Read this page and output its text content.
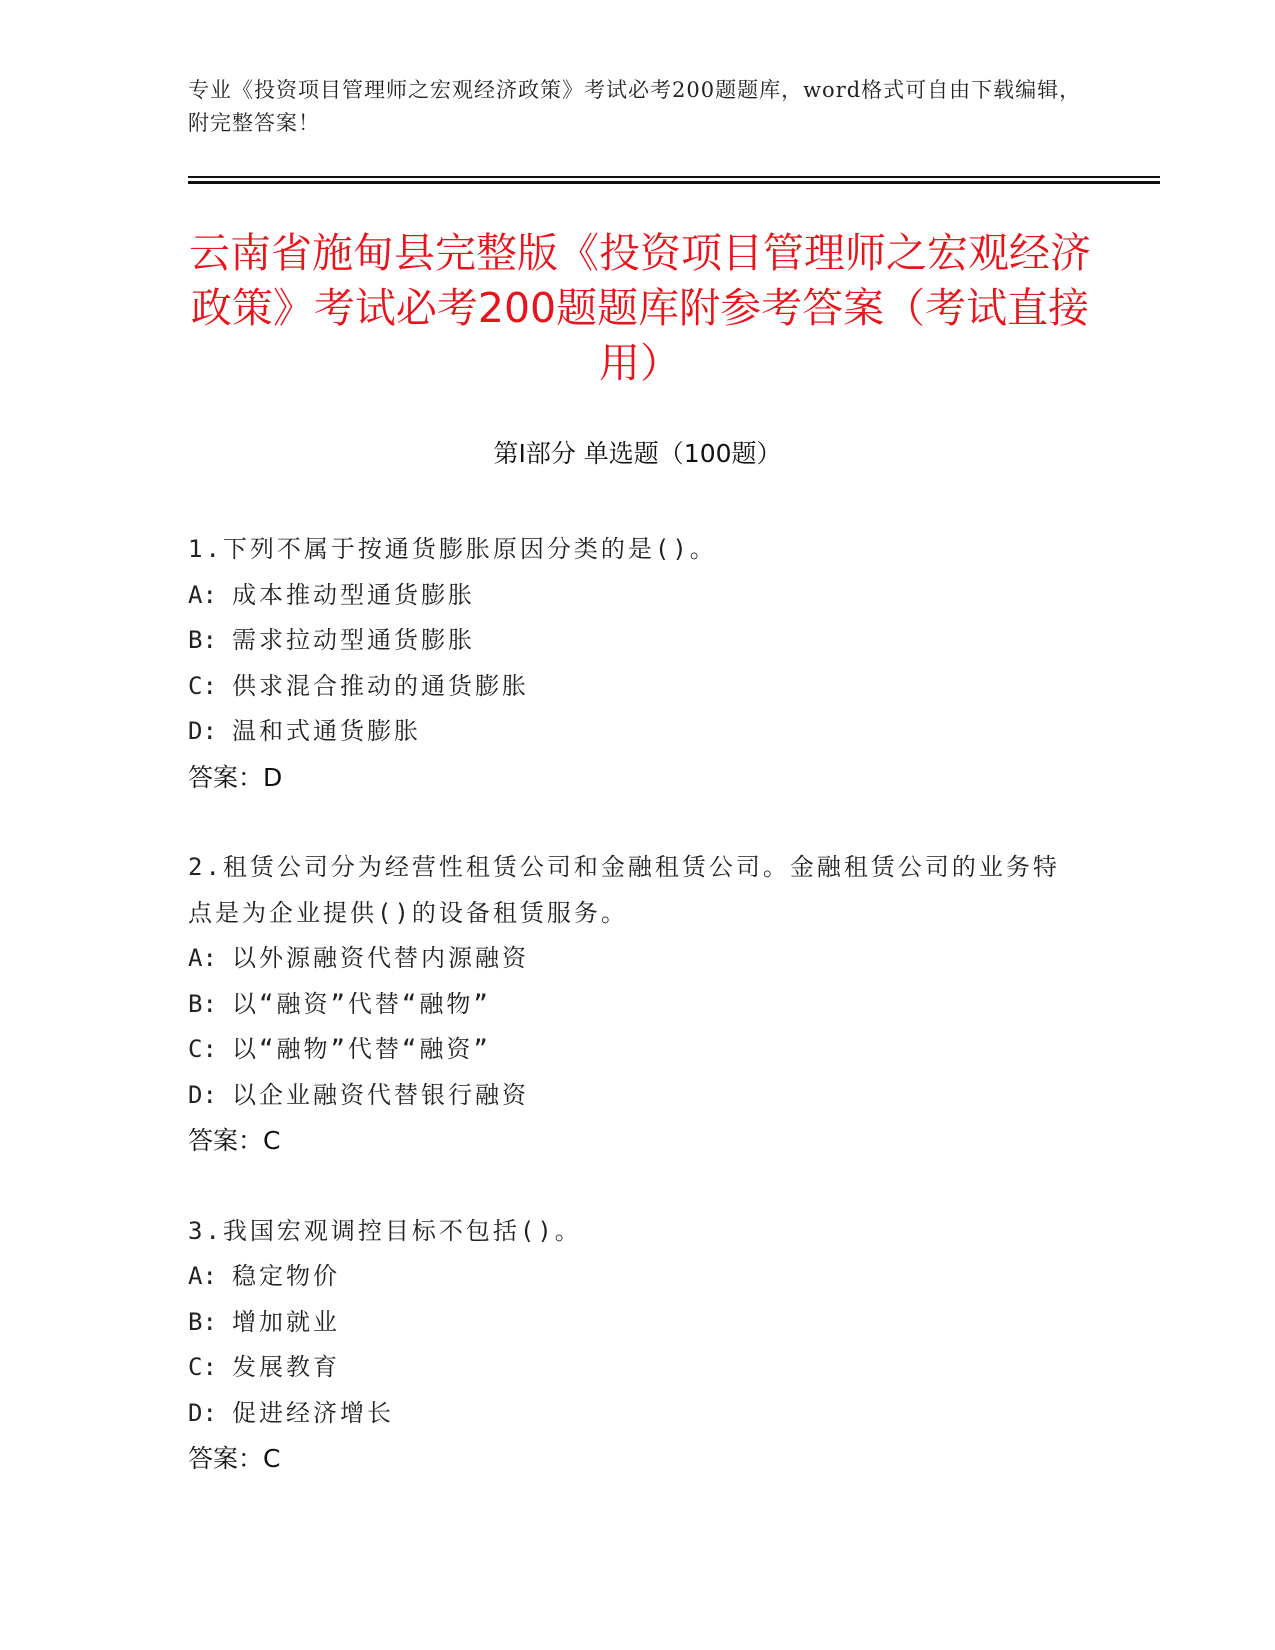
专业《投资项目管理师之宏观经济政策》考试必考200题题库，word格式可自由下载编辑，附完整答案！
云南省施甸县完整版《投资项目管理师之宏观经济政策》考试必考200题题库附参考答案（考试直接用）
第Ⅰ部分 单选题（100题）
1.下列不属于按通货膨胀原因分类的是()。
A: 成本推动型通货膨胀
B: 需求拉动型通货膨胀
C: 供求混合推动的通货膨胀
D: 温和式通货膨胀
答案：D
2.租赁公司分为经营性租赁公司和金融租赁公司。金融租赁公司的业务特点是为企业提供()的设备租赁服务。
A: 以外源融资代替内源融资
B: 以“融资”代替“融物”
C: 以“融物”代替“融资”
D: 以企业融资代替银行融资
答案：C
3.我国宏观调控目标不包括()。
A: 稳定物价
B: 增加就业
C: 发展教育
D: 促进经济增长
答案：C
